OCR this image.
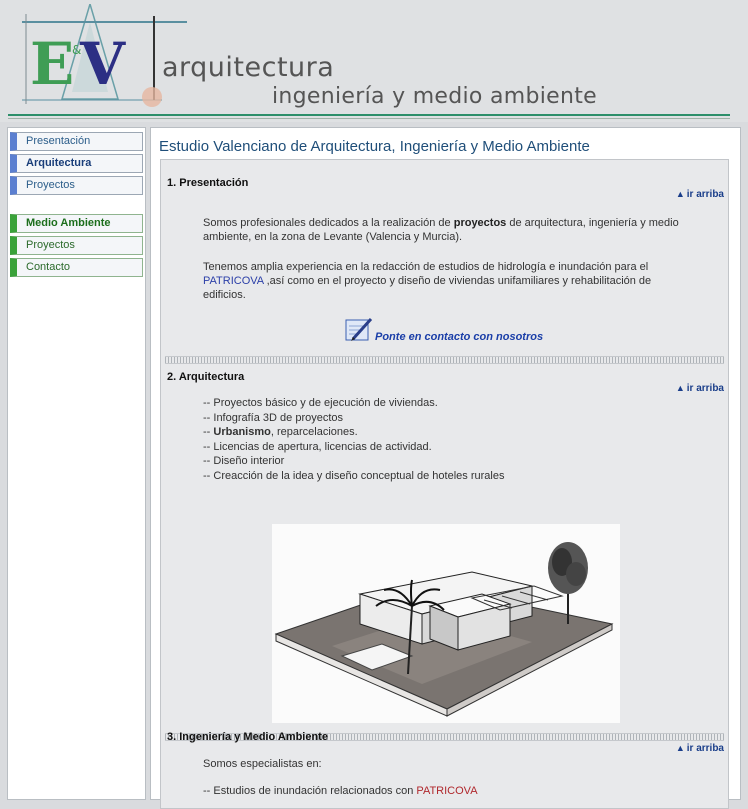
E
&
V arquitectura
ingeniería y medio ambiente
Presentación
Arquitectura
Proyectos
Medio Ambiente
Proyectos
Contacto
Estudio Valenciano de Arquitectura, Ingeniería y Medio Ambiente
1. Presentación
▲ ir arriba
Somos profesionales dedicados a la realización de proyectos de arquitectura, ingeniería y medio ambiente, en la zona de Levante (Valencia y Murcia).
Tenemos amplia experiencia en la redacción de estudios de hidrología e inundación para el PATRICOVA ,así como en el proyecto y diseño de viviendas unifamiliares y rehabilitación de edificios.
Ponte en contacto con nosotros
2. Arquitectura
▲ ir arriba
-- Proyectos básico y de ejecución de viviendas.
-- Infografía 3D de proyectos
-- Urbanismo, reparcelaciones.
-- Licencias de apertura, licencias de actividad.
-- Diseño interior
-- Creacción de la idea y diseño conceptual de hoteles rurales
3. Ingeniería y Medio Ambiente
▲ ir arriba
Somos especialistas en:
-- Estudios de inundación relacionados con PATRICOVA
